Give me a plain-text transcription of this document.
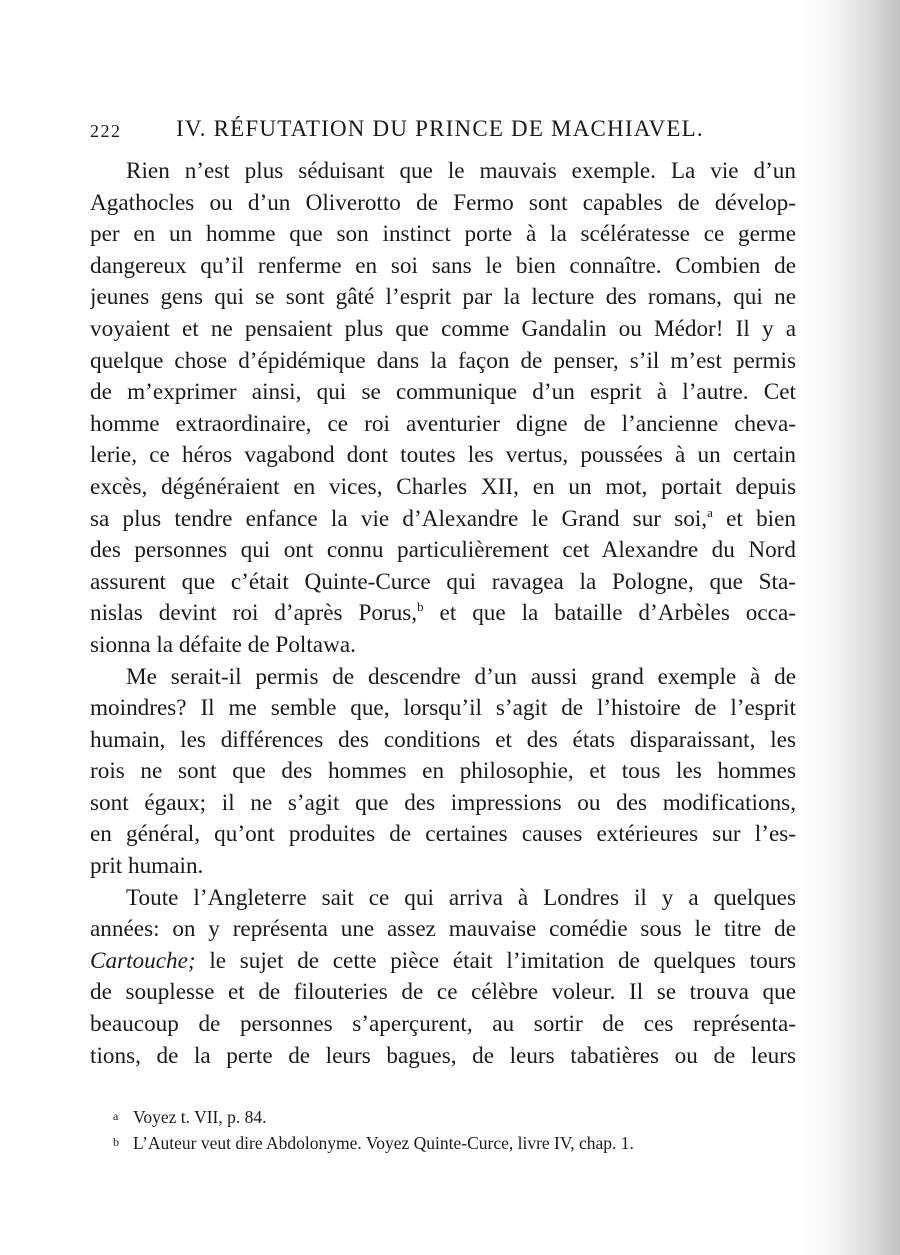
222 IV. RÉFUTATION DU PRINCE DE MACHIAVEL.
Rien n’est plus séduisant que le mauvais exemple. La vie d’un
Agathocles ou d’un Oliverotto de Fermo sont capables de dévelop-
per en un homme que son instinct porte à la scélératesse ce germe
dangereux qu’il renferme en soi sans le bien connaître. Combien de
jeunes gens qui se sont gâté l’esprit par la lecture des romans, qui ne
voyaient et ne pensaient plus que comme Gandalin ou Médor! Il y a
quelque chose d’épidémique dans la façon de penser, s’il m’est permis
de m’exprimer ainsi, qui se communique d’un esprit à l’autre. Cet
homme extraordinaire, ce roi aventurier digne de l’ancienne cheva-
lerie, ce héros vagabond dont toutes les vertus, poussées à un certain
excès, dégénéraient en vices, Charles XII, en un mot, portait depuis
sa plus tendre enfance la vie d’Alexandre le Grand sur soi,$^a$ et bien
des personnes qui ont connu particulièrement cet Alexandre du Nord
assurent que c’était Quinte-Curce qui ravagea la Pologne, que Sta-
nislas devint roi d’après Porus,$^b$ et que la bataille d’Arbèles occa-
sionna la défaite de Poltawa.
Me serait-il permis de descendre d’un aussi grand exemple à de
moindres? Il me semble que, lorsqu’il s’agit de l’histoire de l’esprit
humain, les différences des conditions et des états disparaissant, les
rois ne sont que des hommes en philosophie, et tous les hommes
sont égaux; il ne s’agit que des impressions ou des modifications,
en général, qu’ont produites de certaines causes extérieures sur l’es-
prit humain.
Toute l’Angleterre sait ce qui arriva à Londres il y a quelques
années: on y représenta une assez mauvaise comédie sous le titre de
Cartouche; le sujet de cette pièce était l’imitation de quelques tours
de souplesse et de filouteries de ce célèbre voleur. Il se trouva que
beaucoup de personnes s’aperçurent, au sortir de ces représenta-
tions, de la perte de leurs bagues, de leurs tabatières ou de leurs
a Voyez t. VII, p. 84.
b L’Auteur veut dire Abdolonyme. Voyez Quinte-Curce, livre IV, chap. 1.
